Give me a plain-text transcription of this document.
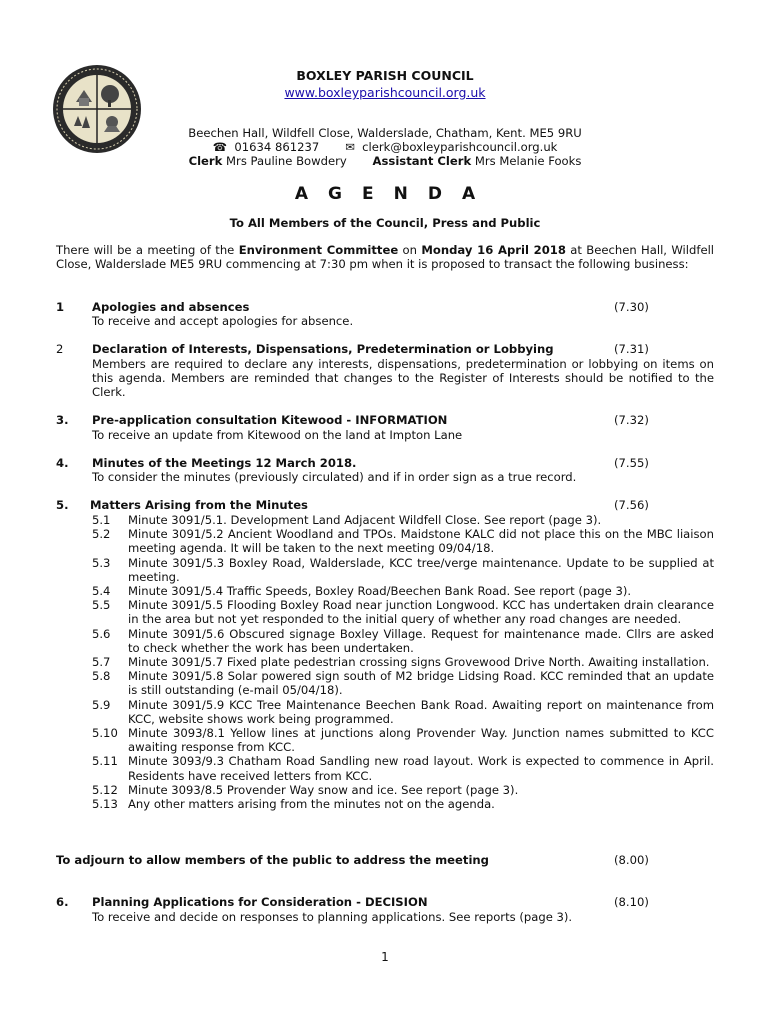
BOXLEY PARISH COUNCIL
www.boxleyparishcouncil.org.uk
Beechen Hall, Wildfell Close, Walderslade, Chatham, Kent. ME5 9RU
☎ 01634 861237 ✉ clerk@boxleyparishcouncil.org.uk
Clerk Mrs Pauline Bowdery Assistant Clerk Mrs Melanie Fooks
A G E N D A
To All Members of the Council, Press and Public
There will be a meeting of the Environment Committee on Monday 16 April 2018 at Beechen Hall, Wildfell Close, Walderslade ME5 9RU commencing at 7:30 pm when it is proposed to transact the following business:
1 Apologies and absences	(7.30)
To receive and accept apologies for absence.
2 Declaration of Interests, Dispensations, Predetermination or Lobbying	(7.31)
Members are required to declare any interests, dispensations, predetermination or lobbying on items on this agenda. Members are reminded that changes to the Register of Interests should be notified to the Clerk.
3. Pre-application consultation Kitewood - INFORMATION	(7.32)
To receive an update from Kitewood on the land at Impton Lane
4. Minutes of the Meetings 12 March 2018.	(7.55)
To consider the minutes (previously circulated) and if in order sign as a true record.
5. Matters Arising from the Minutes	(7.56)
5.1	Minute 3091/5.1. Development Land Adjacent Wildfell Close. See report (page 3).
5.2	Minute 3091/5.2 Ancient Woodland and TPOs. Maidstone KALC did not place this on the MBC liaison meeting agenda. It will be taken to the next meeting 09/04/18.
5.3	Minute 3091/5.3 Boxley Road, Walderslade, KCC tree/verge maintenance. Update to be supplied at meeting.
5.4	Minute 3091/5.4 Traffic Speeds, Boxley Road/Beechen Bank Road. See report (page 3).
5.5	Minute 3091/5.5 Flooding Boxley Road near junction Longwood. KCC has undertaken drain clearance in the area but not yet responded to the initial query of whether any road changes are needed.
5.6	Minute 3091/5.6 Obscured signage Boxley Village. Request for maintenance made. Cllrs are asked to check whether the work has been undertaken.
5.7	Minute 3091/5.7 Fixed plate pedestrian crossing signs Grovewood Drive North. Awaiting installation.
5.8	Minute 3091/5.8 Solar powered sign south of M2 bridge Lidsing Road. KCC reminded that an update is still outstanding (e-mail 05/04/18).
5.9	Minute 3091/5.9 KCC Tree Maintenance Beechen Bank Road. Awaiting report on maintenance from KCC, website shows work being programmed.
5.10 Minute 3093/8.1 Yellow lines at junctions along Provender Way. Junction names submitted to KCC awaiting response from KCC.
5.11 Minute 3093/9.3 Chatham Road Sandling new road layout. Work is expected to commence in April. Residents have received letters from KCC.
5.12 Minute 3093/8.5 Provender Way snow and ice. See report (page 3).
5.13 Any other matters arising from the minutes not on the agenda.
To adjourn to allow members of the public to address the meeting	(8.00)
6. Planning Applications for Consideration - DECISION	(8.10)
To receive and decide on responses to planning applications. See reports (page 3).
1
